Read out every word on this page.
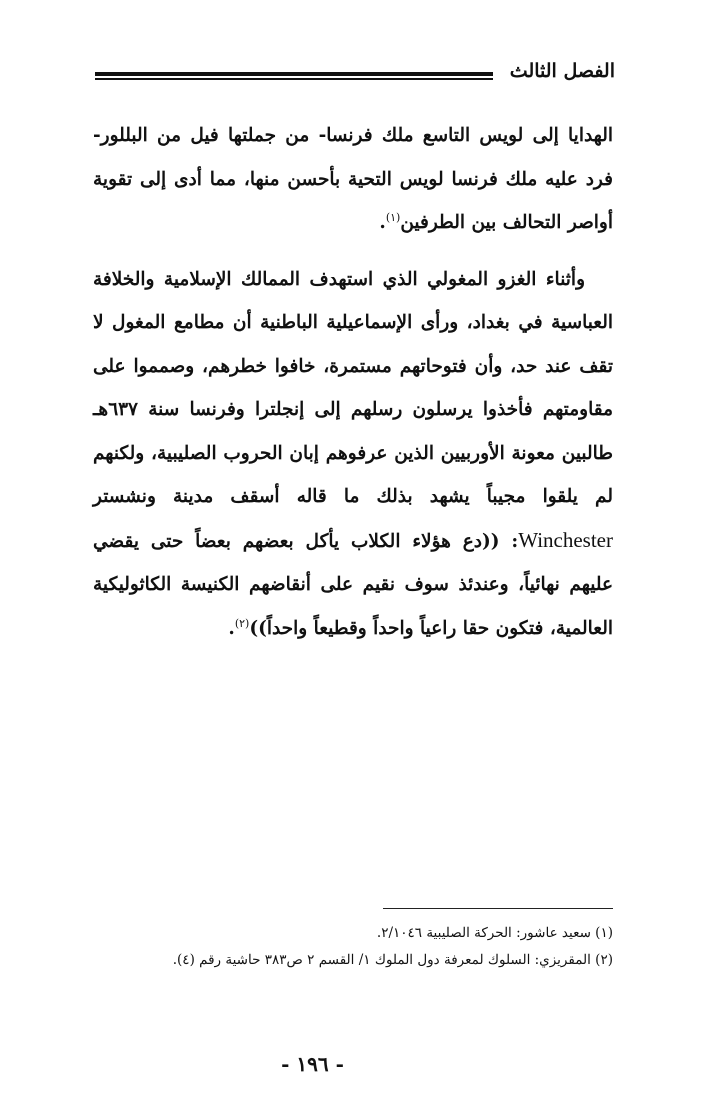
الفصل الثالث

الهدايا إلى لويس التاسع ملك فرنسا- من جملتها فيل من البللور- فرد عليه ملك فرنسا لويس التحية بأحسن منها، مما أدى إلى تقوية أواصر التحالف بين الطرفين$^{(١)}$.

وأثناء الغزو المغولي الذي استهدف الممالك الإسلامية والخلافة العباسية في بغداد، ورأى الإسماعيلية الباطنية أن مطامع المغول لا تقف عند حد، وأن فتوحاتهم مستمرة، خافوا خطرهم، وصمموا على مقاومتهم فأخذوا يرسلون رسلهم إلى إنجلترا وفرنسا سنة ٦٣٧هـ طالبين معونة الأوربيين الذين عرفوهم إبان الحروب الصليبية، ولكنهم لم يلقوا مجيباً يشهد بذلك ما قاله أسقف مدينة ونشستر Winchester: ((دع هؤلاء الكلاب يأكل بعضهم بعضاً حتى يقضي عليهم نهائياً، وعندئذ سوف نقيم على أنقاضهم الكنيسة الكاثوليكية العالمية، فتكون حقا راعياً واحداً وقطيعاً واحداً))$^{(٢)}$.

(١) سعيد عاشور: الحركة الصليبية ٢/١٠٤٦.

(٢) المقريزي: السلوك لمعرفة دول الملوك ١/ القسم ٢ ص٣٨٣ حاشية رقم (٤).

- ١٩٦ -
